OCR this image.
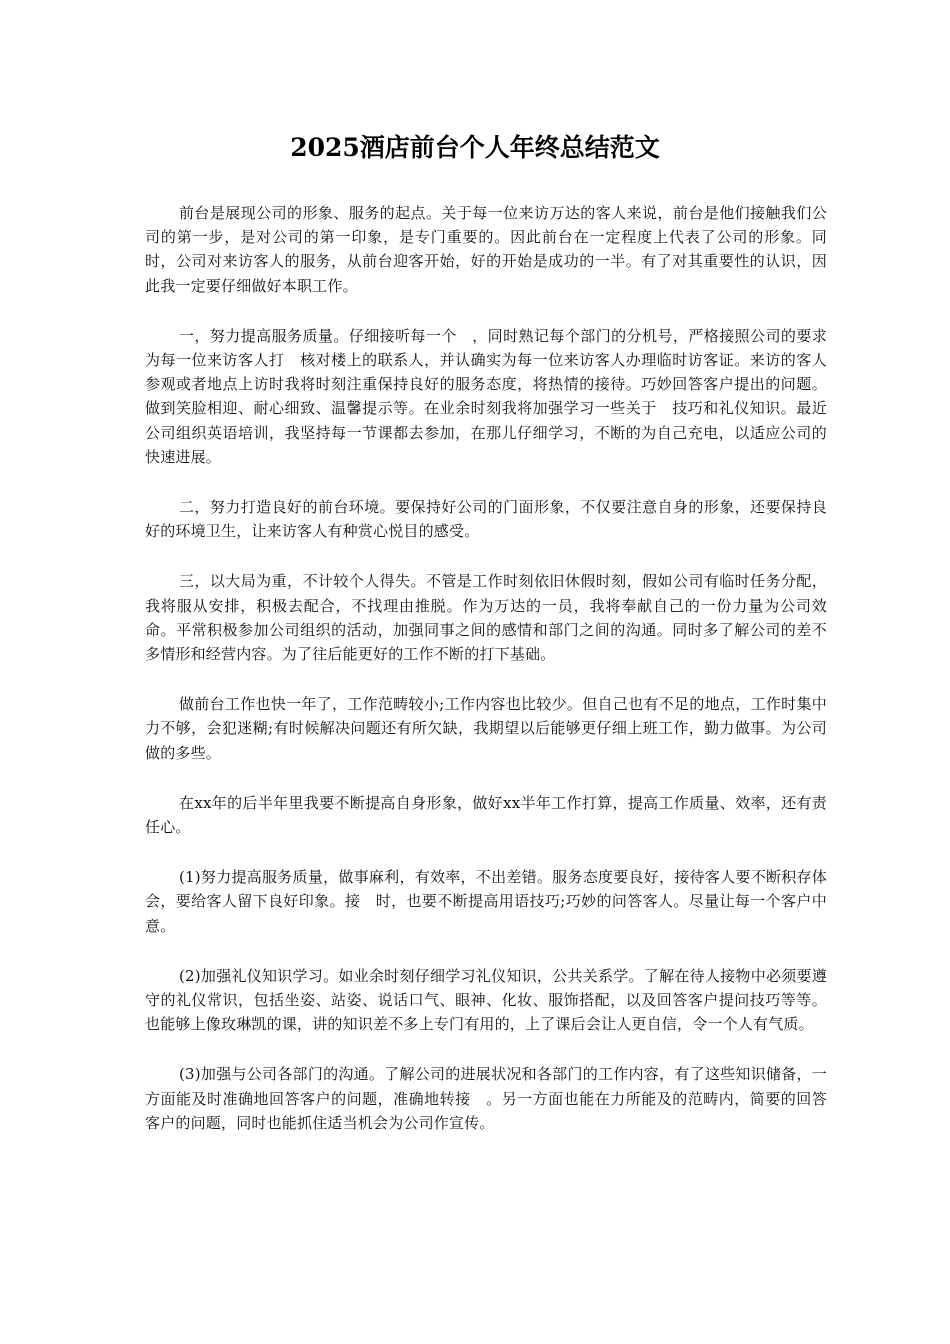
2025酒店前台个人年终总结范文

前台是展现公司的形象、服务的起点。关于每一位来访万达的客人来说，前台是他们接触我们公司的第一步，是对公司的第一印象，是专门重要的。因此前台在一定程度上代表了公司的形象。同时，公司对来访客人的服务，从前台迎客开始，好的开始是成功的一半。有了对其重要性的认识，因此我一定要仔细做好本职工作。

一，努力提高服务质量。仔细接听每一个　，同时熟记每个部门的分机号，严格接照公司的要求为每一位来访客人打　核对楼上的联系人，并认确实为每一位来访客人办理临时访客证。来访的客人参观或者地点上访时我将时刻注重保持良好的服务态度，将热情的接待。巧妙回答客户提出的问题。做到笑脸相迎、耐心细致、温馨提示等。在业余时刻我将加强学习一些关于　技巧和礼仪知识。最近公司组织英语培训，我坚持每一节课都去参加，在那儿仔细学习，不断的为自己充电，以适应公司的快速进展。

二，努力打造良好的前台环境。要保持好公司的门面形象，不仅要注意自身的形象，还要保持良好的环境卫生，让来访客人有种赏心悦目的感受。

三，以大局为重，不计较个人得失。不管是工作时刻依旧休假时刻，假如公司有临时任务分配，我将服从安排，积极去配合，不找理由推脱。作为万达的一员，我将奉献自己的一份力量为公司效命。平常积极参加公司组织的活动，加强同事之间的感情和部门之间的沟通。同时多了解公司的差不多情形和经营内容。为了往后能更好的工作不断的打下基础。

做前台工作也快一年了，工作范畴较小;工作内容也比较少。但自己也有不足的地点，工作时集中力不够，会犯迷糊;有时候解决问题还有所欠缺，我期望以后能够更仔细上班工作，勤力做事。为公司做的多些。

在xx年的后半年里我要不断提高自身形象，做好xx半年工作打算，提高工作质量、效率，还有责任心。

(1)努力提高服务质量，做事麻利，有效率，不出差错。服务态度要良好，接待客人要不断积存体会，要给客人留下良好印象。接　时，也要不断提高用语技巧;巧妙的问答客人。尽量让每一个客户中意。

(2)加强礼仪知识学习。如业余时刻仔细学习礼仪知识，公共关系学。了解在待人接物中必须要遵守的礼仪常识，包括坐姿、站姿、说话口气、眼神、化妆、服饰搭配，以及回答客户提问技巧等等。也能够上像玫琳凯的课，讲的知识差不多上专门有用的，上了课后会让人更自信，令一个人有气质。

(3)加强与公司各部门的沟通。了解公司的进展状况和各部门的工作内容，有了这些知识储备，一方面能及时准确地回答客户的问题，准确地转接　。另一方面也能在力所能及的范畴内，简要的回答客户的问题，同时也能抓住适当机会为公司作宣传。
